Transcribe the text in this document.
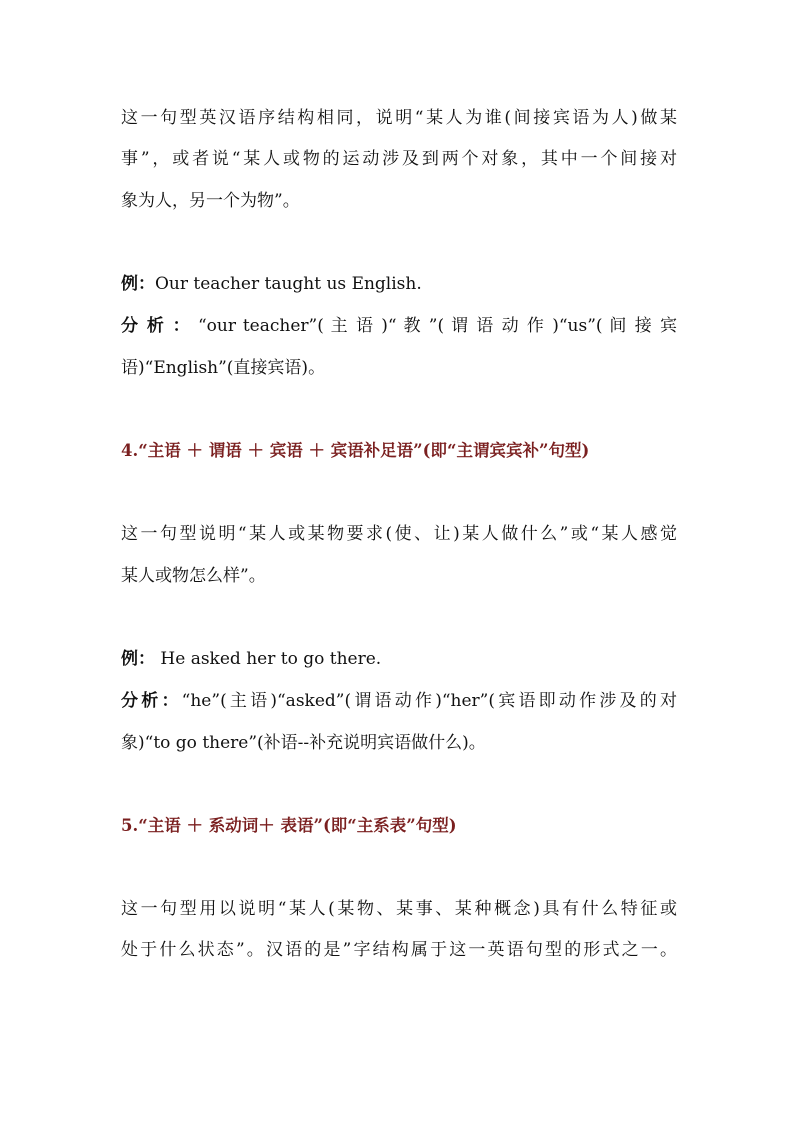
这一句型英汉语序结构相同，说明“某人为谁(间接宾语为人)做某
事”，或者说“某人或物的运动涉及到两个对象，其中一个间接对
象为人，另一个为物”。
例：Our teacher taught us English.
分 析 ： “our teacher”( 主 语 )“ 教 ”( 谓 语 动 作 )“us”( 间 接 宾
语)“English”(直接宾语)。
4.“主语 ＋ 谓语 ＋ 宾语 ＋ 宾语补足语”(即“主谓宾宾补”句型)
这一句型说明“某人或某物要求(使、让)某人做什么”或“某人感觉
某人或物怎么样”。
例： He asked her to go there.
分析：“he”(主语)“asked”(谓语动作)“her”(宾语即动作涉及的对
象)“to go there”(补语--补充说明宾语做什么)。
5.“主语 ＋ 系动词＋ 表语”(即“主系表”句型)
这一句型用以说明“某人(某物、某事、某种概念)具有什么特征或
处于什么状态”。汉语的是”字结构属于这一英语句型的形式之一。
